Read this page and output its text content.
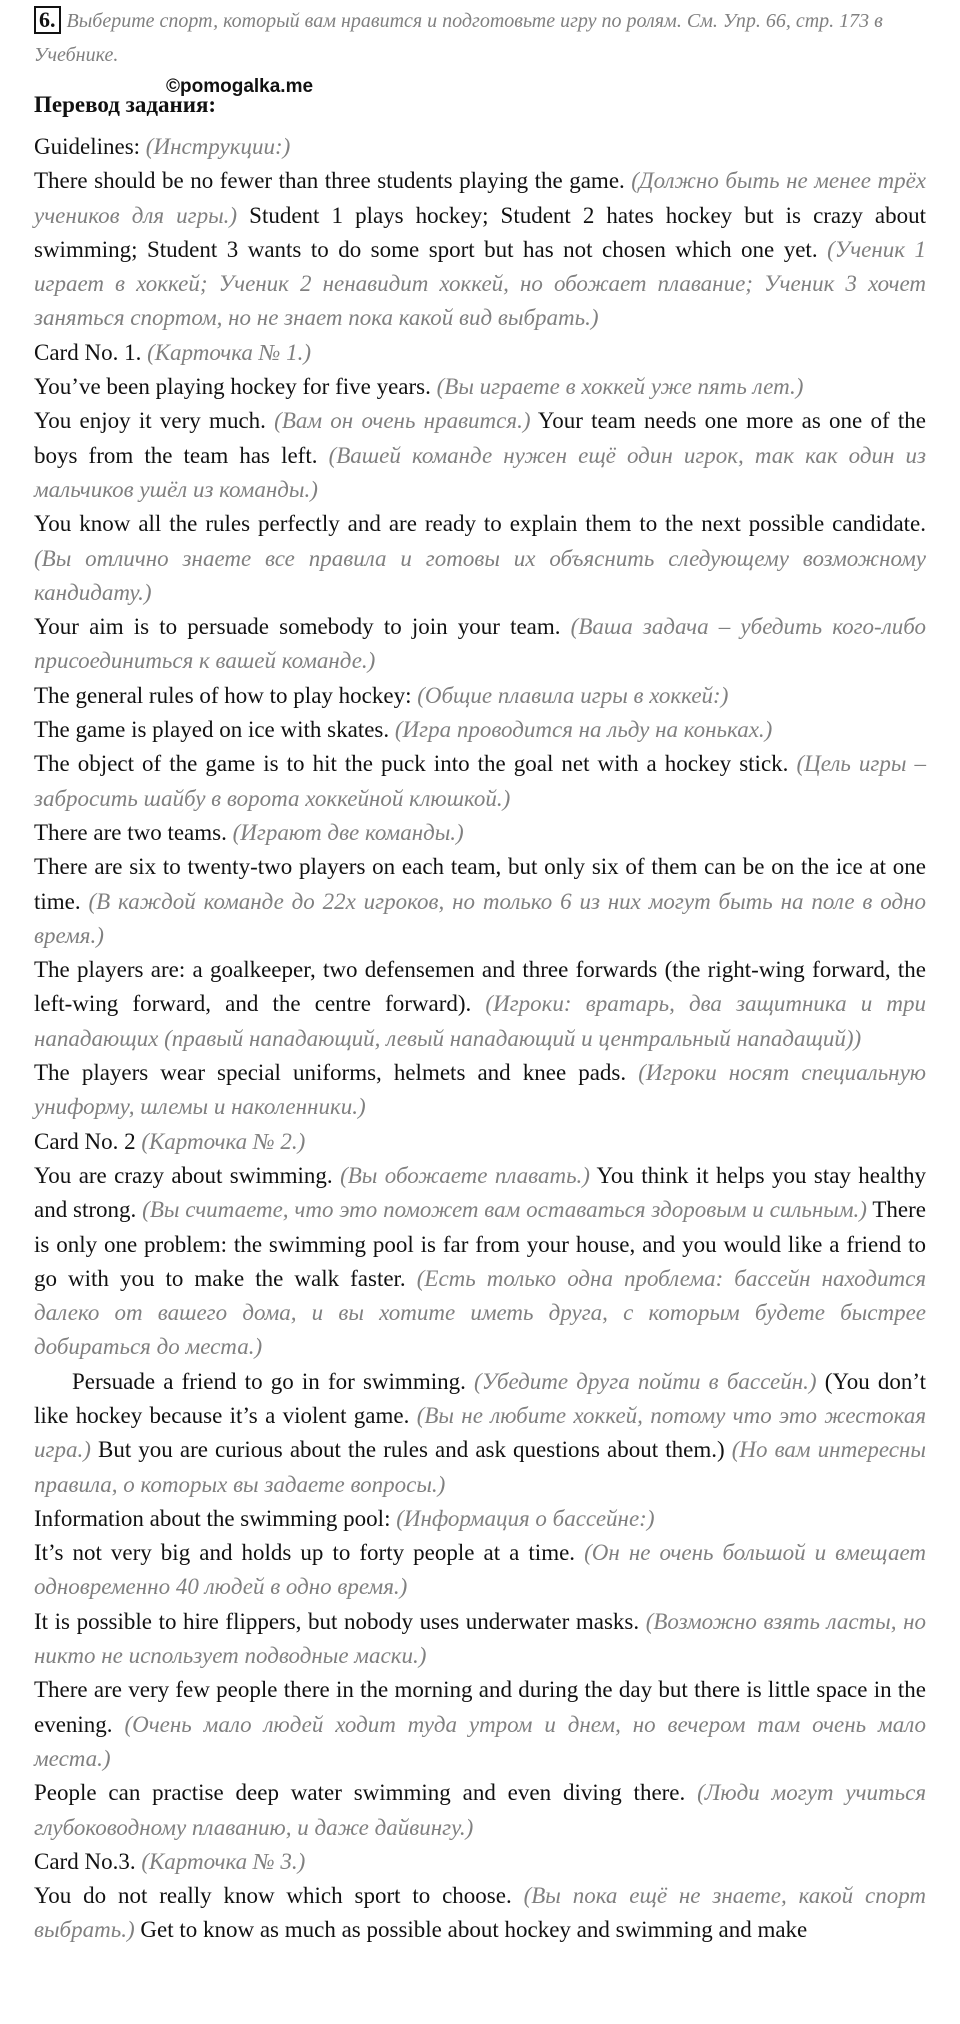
6. Выберите спорт, который вам нравится и подготовьте игру по ролям. См. Упр. 66, стр. 173 в Учебнике.

Перевод задания:
©pomogalka.me

Guidelines: (Инструкции:)

There should be no fewer than three students playing the game. (Должно быть не менее трёх учеников для игры.) Student 1 plays hockey; Student 2 hates hockey but is crazy about swimming; Student 3 wants to do some sport but has not chosen which one yet. (Ученик 1 играет в хоккей; Ученик 2 ненавидит хоккей, но обожает плавание; Ученик 3 хочет заняться спортом, но не знает пока какой вид выбрать.)

Card No. 1. (Карточка № 1.)

You’ve been playing hockey for five years. (Вы играете в хоккей уже пять лет.)

You enjoy it very much. (Вам он очень нравится.) Your team needs one more as one of the boys from the team has left. (Вашей команде нужен ещё один игрок, так как один из мальчиков ушёл из команды.)

You know all the rules perfectly and are ready to explain them to the next possible candidate. (Вы отлично знаете все правила и готовы их объяснить следующему возможному кандидату.)

Your aim is to persuade somebody to join your team. (Ваша задача – убедить кого-либо присоединиться к вашей команде.)

The general rules of how to play hockey: (Общие плавила игры в хоккей:)

The game is played on ice with skates. (Игра проводится на льду на коньках.)

The object of the game is to hit the puck into the goal net with a hockey stick. (Цель игры – забросить шайбу в ворота хоккейной клюшкой.)

There are two teams. (Играют две команды.)

There are six to twenty-two players on each team, but only six of them can be on the ice at one time. (В каждой команде до 22х игроков, но только 6 из них могут быть на поле в одно время.)

The players are: a goalkeeper, two defensemen and three forwards (the right-wing forward, the left-wing forward, and the centre forward). (Игроки: вратарь, два защитника и три нападающих (правый нападающий, левый нападающий и центральный нападащий))

The players wear special uniforms, helmets and knee pads. (Игроки носят специальную униформу, шлемы и наколенники.)

Card No. 2 (Карточка № 2.)

You are crazy about swimming. (Вы обожаете плавать.) You think it helps you stay healthy and strong. (Вы считаете, что это поможет вам оставаться здоровым и сильным.) There is only one problem: the swimming pool is far from your house, and you would like a friend to go with you to make the walk faster. (Есть только одна проблема: бассейн находится далеко от вашего дома, и вы хотите иметь друга, с которым будете быстрее добираться до места.)

Persuade a friend to go in for swimming. (Убедите друга пойти в бассейн.) (You don’t like hockey because it’s a violent game. (Вы не любите хоккей, потому что это жестокая игра.) But you are curious about the rules and ask questions about them.) (Но вам интересны правила, о которых вы задаете вопросы.)

Information about the swimming pool: (Информация о бассейне:)

It’s not very big and holds up to forty people at a time. (Он не очень большой и вмещает одновременно 40 людей в одно время.)

It is possible to hire flippers, but nobody uses underwater masks. (Возможно взять ласты, но никто не использует подводные маски.)

There are very few people there in the morning and during the day but there is little space in the evening. (Очень мало людей ходит туда утром и днем, но вечером там очень мало места.)

People can practise deep water swimming and even diving there. (Люди могут учиться глубоководному плаванию, и даже дайвингу.)

Card No.3. (Карточка № 3.)

You do not really know which sport to choose. (Вы пока ещё не знаете, какой спорт выбрать.) Get to know as much as possible about hockey and swimming and make
